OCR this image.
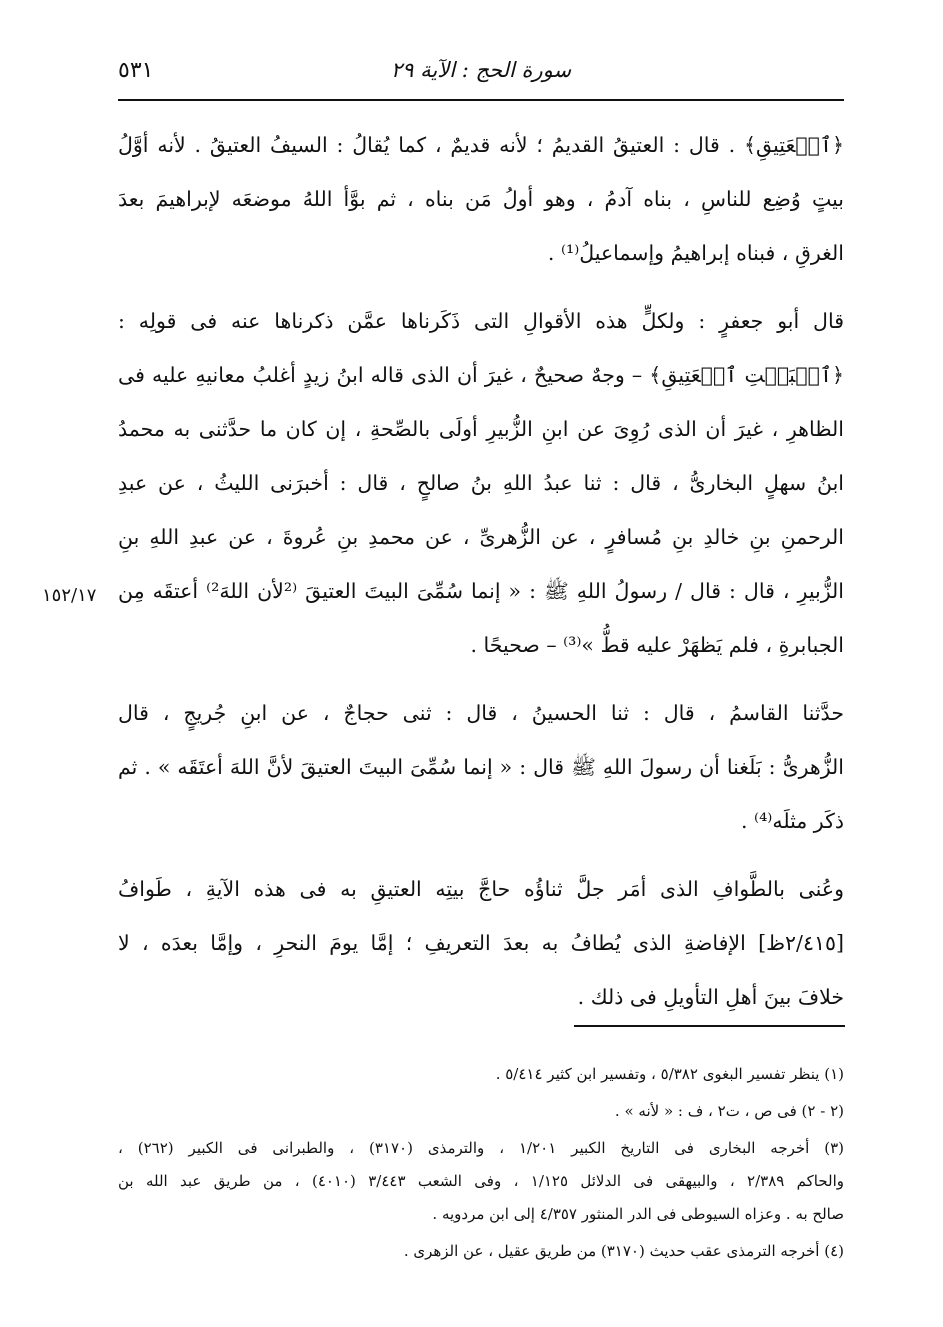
سورة الحج : الآية ٢٩
٥٣١
١٥٢/١٧

﴿ٱلۡعَتِيقِ﴾ . قال : العتيقُ القديمُ ؛ لأنه قديمٌ ، كما يُقالُ : السيفُ العتيقُ . لأنه أوَّلُ
بيتٍ وُضِع للناسِ ، بناه آدمُ ، وهو أولُ مَن بناه ، ثم بوَّأ اللهُ موضعَه لإبراهيمَ بعدَ
الغرقِ ، فبناه إبراهيمُ وإسماعيلُ⁽¹⁾ .

قال أبو جعفرٍ : ولكلٍّ هذه الأقوالِ التى ذَكَرناها عمَّن ذكرناها عنه فى قولِه :
﴿ٱلۡبَيۡتِ ٱلۡعَتِيقِ﴾ – وجهٌ صحيحٌ ، غيرَ أن الذى قاله ابنُ زيدٍ أغلبُ معانيهِ عليه فى
الظاهرِ ، غيرَ أن الذى رُوِىَ عن ابنِ الزُّبيرِ أولَى بالصِّحةِ ، إن كان ما حدَّثنى به محمدُ
ابنُ سهلٍ البخارىُّ ، قال : ثنا عبدُ اللهِ بنُ صالحٍ ، قال : أخبرَنى الليثُ ، عن عبدِ
الرحمنِ بنِ خالدِ بنِ مُسافرٍ ، عن الزُّهرىِّ ، عن محمدِ بنِ عُروةَ ، عن عبدِ اللهِ بنِ
الزُّبيرِ ، قال : قال / رسولُ اللهِ ﷺ : « إنما سُمِّىَ البيتَ العتيقَ ⁽²لأن اللهَ²⁾ أعتقَه مِن
الجبابرةِ ، فلم يَظهَرْ عليه قطُّ »⁽³⁾ – صحيحًا .

حدَّثنا القاسمُ ، قال : ثنا الحسينُ ، قال : ثنى حجاجٌ ، عن ابنِ جُريجٍ ، قال
الزُّهرىُّ : بَلَغنا أن رسولَ اللهِ ﷺ قال : « إنما سُمِّىَ البيتَ العتيقَ لأنَّ اللهَ أعتَقَه » . ثم
ذكَر مثلَه⁽⁴⁾ .

وعُنى بالطَّوافِ الذى أمَر جلَّ ثناؤُه حاجَّ بيتِه العتيقِ به فى هذه الآيةِ ، طَوافُ
[٢/٤١٥ظ] الإفاضةِ الذى يُطافُ به بعدَ التعريفِ ؛ إمَّا يومَ النحرِ ، وإمَّا بعدَه ، لا
خلافَ بينَ أهلِ التأويلِ فى ذلك .

(١) ينظر تفسير البغوى ٥/٣٨٢ ، وتفسير ابن كثير ٥/٤١٤ .
(٢ - ٢) فى ص ، ت٢ ، ف : « لأنه » .
(٣) أخرجه البخارى فى التاريخ الكبير ١/٢٠١ ، والترمذى (٣١٧٠) ، والطبرانى فى الكبير (٢٦٢) ،
والحاكم ٢/٣٨٩ ، والبيهقى فى الدلائل ١/١٢٥ ، وفى الشعب ٣/٤٤٣ (٤٠١٠) ، من طريق عبد الله بن
صالح به . وعزاه السيوطى فى الدر المنثور ٤/٣٥٧ إلى ابن مردويه .
(٤) أخرجه الترمذى عقب حديث (٣١٧٠) من طريق عقيل ، عن الزهرى .
